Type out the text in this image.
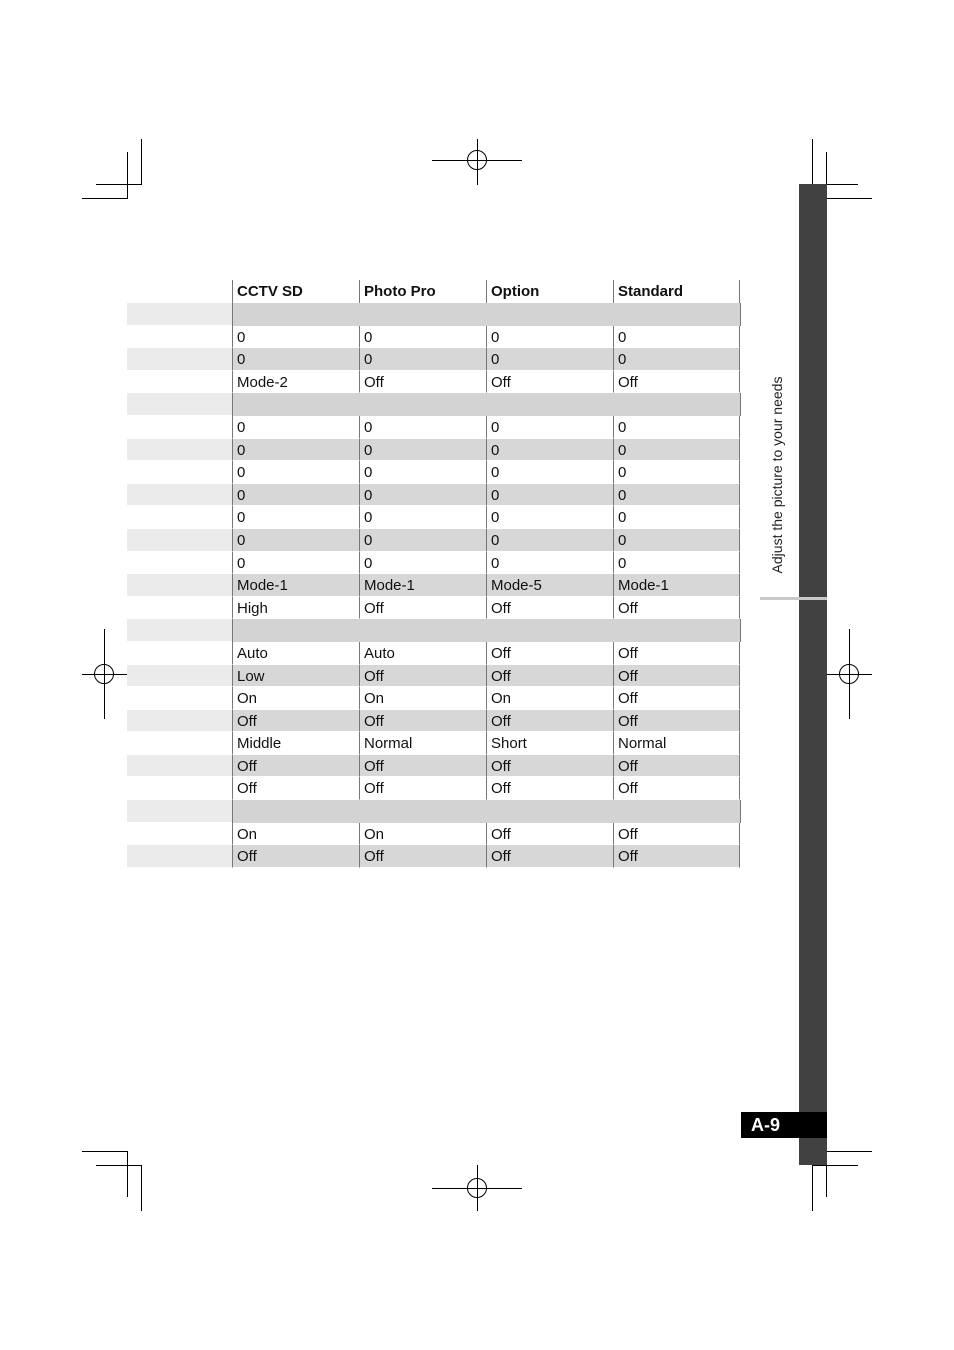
Adjust the picture to your needs
A-9
CCTV SD	Photo Pro	Option	Standard
0	0	0	0
0	0	0	0
Mode-2	Off	Off	Off
0	0	0	0
0	0	0	0
0	0	0	0
0	0	0	0
0	0	0	0
0	0	0	0
0	0	0	0
Mode-1	Mode-1	Mode-5	Mode-1
High	Off	Off	Off
Auto	Auto	Off	Off
Low	Off	Off	Off
On	On	On	Off
Off	Off	Off	Off
Middle	Normal	Short	Normal
Off	Off	Off	Off
Off	Off	Off	Off
On	On	Off	Off
Off	Off	Off	Off
